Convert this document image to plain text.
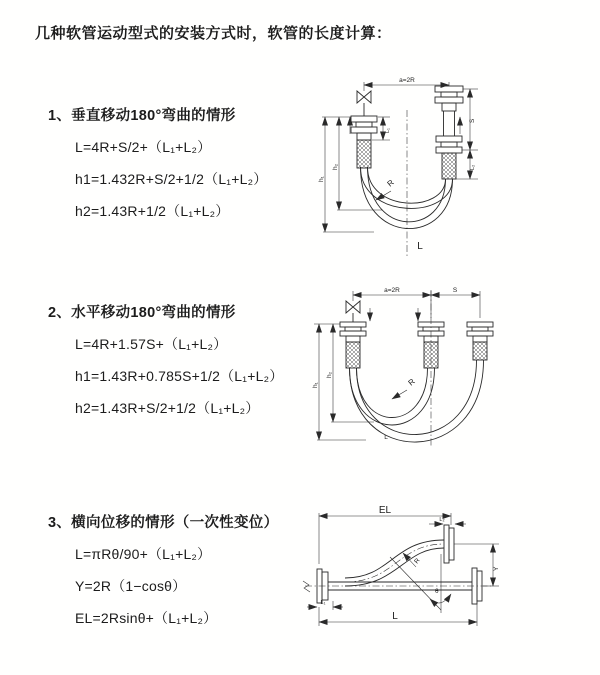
几种软管运动型式的安装方式时，软管的长度计算：
1、垂直移动180°弯曲的情形
L=4R+S/2+（L₁+L₂）
h1=1.432R+S/2+1/2（L₁+L₂）
h2=1.43R+1/2（L₁+L₂）
2、水平移动180°弯曲的情形
L=4R+1.57S+（L₁+L₂）
h1=1.43R+0.785S+1/2（L₁+L₂）
h2=1.43R+S/2+1/2（L₁+L₂）
3、横向位移的情形（一次性变位）
L=πRθ/90+（L₁+L₂）
Y=2R（1−cosθ）
EL=2Rsinθ+（L₁+L₂）
a=2R
S
L₂
L₁
h₂
h₁	R
L
a=2R	S
h₂
h₁	R
L
EL
L₂
Y
θ
R
L₁
L
